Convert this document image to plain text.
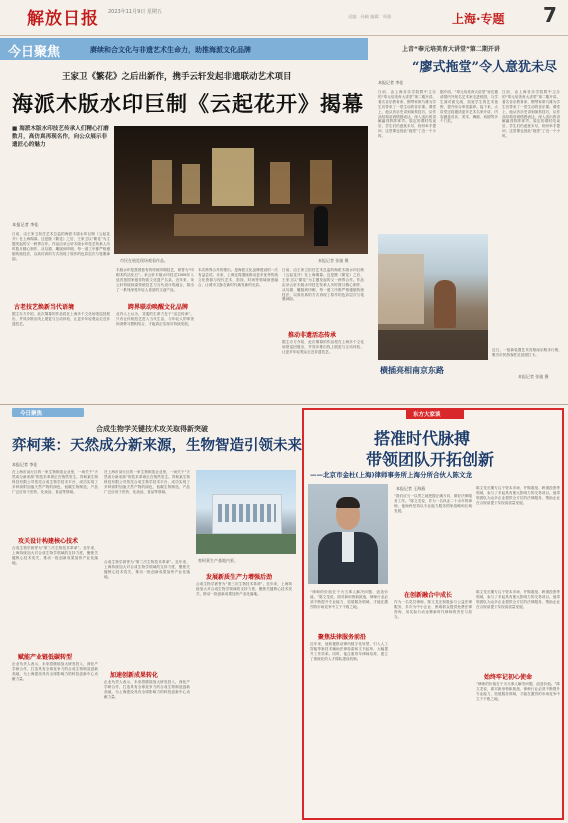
解放日报 2023年11月9日 星期五
责编：孙颖 编辑：周强	上海·专题 7
今日聚焦	赓续和合文化与非遗艺术生命力，助推海派文化品牌
王家卫《繁花》之后出新作，携手云轩发起非遗联动艺术项目
海派木版水印巨制《云起花开》揭幕
■ 海派木版水印技艺传承人们精心打磨数月，高仿真再现名作，向公众展示非遗匠心的魅力
本报记者 李佳
日前，由王家卫担任艺术总监的海派木版水印巨制《云起花开》在上海揭幕。这是继《繁花》之后，王家卫以“繁花”为主题发起的又一跨界合作。作品由朵云轩木版水印技艺传承人历时数月精心制作，从勾描、雕版到印刷，每一道工序都严格遵循传统技法，以高仿真的方式再现了原作的色彩层次与笔墨神韵。
古老技艺焕新当代语境
据主办方介绍，此次揭幕的作品将在上海多个文化场馆巡回展出，并同步推出线上展览与互动体验，让更多年轻观众走近非遗技艺。
市民在展览现场观看作品。	本报记者 张驰 摄
木版水印是我国独有的传统印刷技艺，被誉为“印刷术的活化石”。朵云轩木版水印技艺2006年入选首批国家级非物质文化遗产名录。近年来，朵云轩持续探索传统技艺与当代设计的融合，推出了一系列深受年轻人喜爱的文创产品。
跨界联动唤醒文化品牌
业内人士认为，非遗的生命力在于“活态传承”。只有让传统技艺进入当代生活，与年轻人的审美和消费习惯相结合，才能真正实现可持续发展。
本次跨界合作的推出，是海派文化品牌建设的一次有益尝试。未来，上海还将继续推动更多优秀传统文化资源与现代艺术、影视、时尚等领域深度融合，让城市文脉在新时代焕发新的光彩。
推动非遗活态传承
日前，由王家卫担任艺术总监的海派木版水印巨制《云起花开》在上海揭幕。这是继《繁花》之后，王家卫以“繁花”为主题发起的又一跨界合作。作品由朵云轩木版水印技艺传承人历时数月精心制作，从勾描、雕版到印刷，每一道工序都严格遵循传统技法，以高仿真的方式再现了原作的色彩层次与笔墨神韵。
据主办方介绍，此次揭幕的作品将在上海多个文化场馆巡回展出，并同步推出线上展览与互动体验，让更多年轻观众走近非遗技艺。
上音“奉元培美育大讲堂”第二期开讲
“廖式拖堂”令人意犹未尽
本报记者 李佳
日前，由上海音乐学院附中主办的“奉元培美育大讲堂”第二期开讲。著名音乐教育家、钢琴家廖乃雄为学生们带来了一堂生动的音乐课。课堂上，他从音乐史讲到演奏技巧，从作品结构讲到情感表达，深入浅出的讲解赢得阵阵掌声。原定的课时结束后，学生们仍意犹未尽，纷纷举手提问，这堂课也因此“拖堂”了近一个小时。
据介绍，“奉元培美育大讲堂”旨在邀请国内外知名艺术家走进校园，与学生面对面交流，拓宽学生的艺术视野，提升综合审美素养。接下来，大讲堂还将邀请更多艺术名家开讲，内容涵盖音乐、美术、舞蹈、戏剧等多个门类。
日前，由上海音乐学院附中主办的“奉元培美育大讲堂”第二期开讲。著名音乐教育家、钢琴家廖乃雄为学生们带来了一堂生动的音乐课。课堂上，他从音乐史讲到演奏技巧，从作品结构讲到情感表达，深入浅出的讲解赢得阵阵掌声。原定的课时结束后，学生们仍意犹未尽，纷纷举手提问，这堂课也因此“拖堂”了近一个小时。
横插亮相南京东路
近日，一批新装置艺术亮相南京路步行街，吸引市民游客驻足拍照打卡。
本报记者 张驰 摄
今日聚焦
合成生物学关键技术攻关取得新突破
弈柯莱：天然成分新来源，生物智造引领未来
本报记者 李佳
在上海市闵行区的一家生物制造企业里，一场关于“天然成分新来源”的技术革命正在悄然发生。弈柯莱生物科技有限公司依托合成生物学技术平台，成功实现了多种高附加值天然产物的绿色、低碳生物制造，产品广泛应用于医药、化妆品、食品等领域。
攻关设计构建核心技术
合成生物学被誉为“第三次生物技术革命”。近年来，上海持续加大对合成生物学领域的支持力度，聚焦关键核心技术攻关，推动一批创新成果加快产业化落地。
赋能产业链低碳转型
企业负责人表示，未来将继续加大研发投入，深化产学研合作，打造具有全球竞争力的合成生物制造创新高地，为上海建设具有全球影响力的科技创新中心贡献力量。
在上海市闵行区的一家生物制造企业里，一场关于“天然成分新来源”的技术革命正在悄然发生。弈柯莱生物科技有限公司依托合成生物学技术平台，成功实现了多种高附加值天然产物的绿色、低碳生物制造，产品广泛应用于医药、化妆品、食品等领域。
加速创新成果转化
合成生物学被誉为“第三次生物技术革命”。近年来，上海持续加大对合成生物学领域的支持力度，聚焦关键核心技术攻关，推动一批创新成果加快产业化落地。
企业负责人表示，未来将继续加大研发投入，深化产学研合作，打造具有全球竞争力的合成生物制造创新高地，为上海建设具有全球影响力的科技创新中心贡献力量。
弈柯莱生产基地内景。
发展新质生产力增强后劲
合成生物学被誉为“第三次生物技术革命”。近年来，上海持续加大对合成生物学领域的支持力度，聚焦关键核心技术攻关，推动一批创新成果加快产业化落地。
东方大家谈
搭准时代脉搏
带领团队开拓创新
——北京市金杜(上海)律师事务所上海分所合伙人陈文龙
本报记者 王海燕
“我们应当一以贯之地把握正确方向，做好法律服务工作。”陈文龙说，作为一名执业二十余年的律师，他始终坚持以专业能力服务国家战略和区域发展。
陈文龙长期专注于资本市场、并购重组、跨境投资等领域，参与了多起具有重大影响力的交易项目。他带领团队为众多企业提供全方位的法律服务，帮助企业在合规前提下实现高质量发展。
“律师的价值在于为当事人解决问题、创造价值。”陈文龙说，面对新形势新挑战，律师行业必须不断提升专业能力，拓展服务领域，才能在激烈的市场竞争中立于不败之地。
聚焦法律服务前沿
近年来，他积极推动律所数字化转型，引入人工智能等新技术辅助法律检索和文书起草，大幅提升工作效率。同时，他注重青年律师培养，建立了系统化的人才梯队建设机制。
在创新融合中成长
作为一名党员律师，陈文龙还积极参与公益法律服务，多次为中小企业、困难群众提供免费法律咨询，用实际行动诠释新时代律师的责任与担当。
陈文龙长期专注于资本市场、并购重组、跨境投资等领域，参与了多起具有重大影响力的交易项目。他带领团队为众多企业提供全方位的法律服务，帮助企业在合规前提下实现高质量发展。
始终牢记初心使命
“律师的价值在于为当事人解决问题、创造价值。”陈文龙说，面对新形势新挑战，律师行业必须不断提升专业能力，拓展服务领域，才能在激烈的市场竞争中立于不败之地。
